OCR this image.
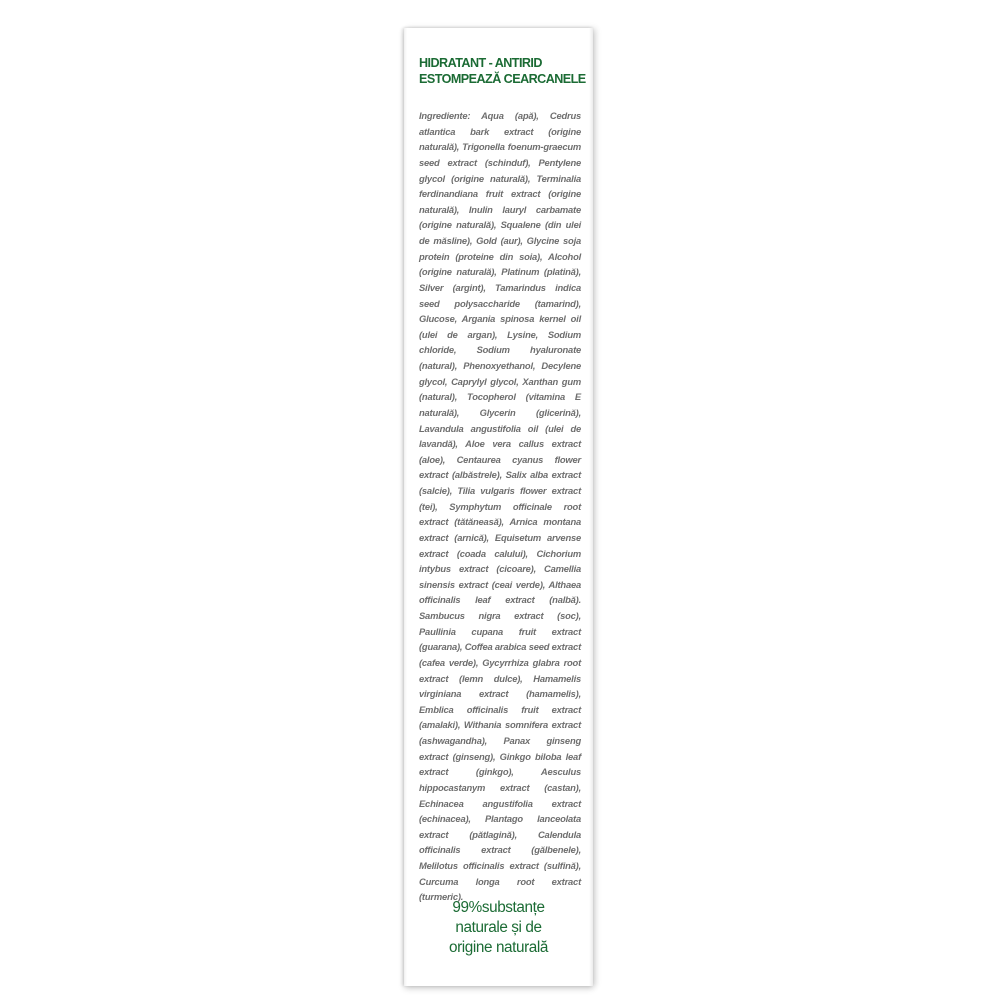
HIDRATANT - ANTIRID
ESTOMPEAZĂ CEARCANELE

Ingrediente: Aqua (apă), Cedrus atlantica bark extract (origine naturală), Trigonella foenum-graecum seed extract (schinduf), Pentylene glycol (origine naturală), Terminalia ferdinandiana fruit extract (origine naturală), Inulin lauryl carbamate (origine naturală), Squalene (din ulei de măsline), Gold (aur), Glycine soja protein (proteine din soia), Alcohol (origine naturală), Platinum (platină), Silver (argint), Tamarindus indica seed polysaccharide (tamarind), Glucose, Argania spinosa kernel oil (ulei de argan), Lysine, Sodium chloride, Sodium hyaluronate (natural), Phenoxyethanol, Decylene glycol, Caprylyl glycol, Xanthan gum (natural), Tocopherol (vitamina E naturală), Glycerin (glicerină), Lavandula angustifolia oil (ulei de lavandă), Aloe vera callus extract (aloe), Centaurea cyanus flower extract (albăstrele), Salix alba extract (salcie), Tilia vulgaris flower extract (tei), Symphytum officinale root extract (tătăneasă), Arnica montana extract (arnică), Equisetum arvense extract (coada calului), Cichorium intybus extract (cicoare), Camellia sinensis extract (ceai verde), Althaea officinalis leaf extract (nalbă). Sambucus nigra extract (soc), Paullinia cupana fruit extract (guarana), Coffea arabica seed extract (cafea verde), Gycyrrhiza glabra root extract (lemn dulce), Hamamelis virginiana extract (hamamelis), Emblica officinalis fruit extract (amalaki), Withania somnifera extract (ashwagandha), Panax ginseng extract (ginseng), Ginkgo biloba leaf extract (ginkgo), Aesculus hippocastanym extract (castan), Echinacea angustifolia extract (echinacea), Plantago lanceolata extract (pătlagină), Calendula officinalis extract (gălbenele), Melilotus officinalis extract (sulfină), Curcuma longa root extract (turmeric).

99%substanțe
naturale și de
origine naturală
